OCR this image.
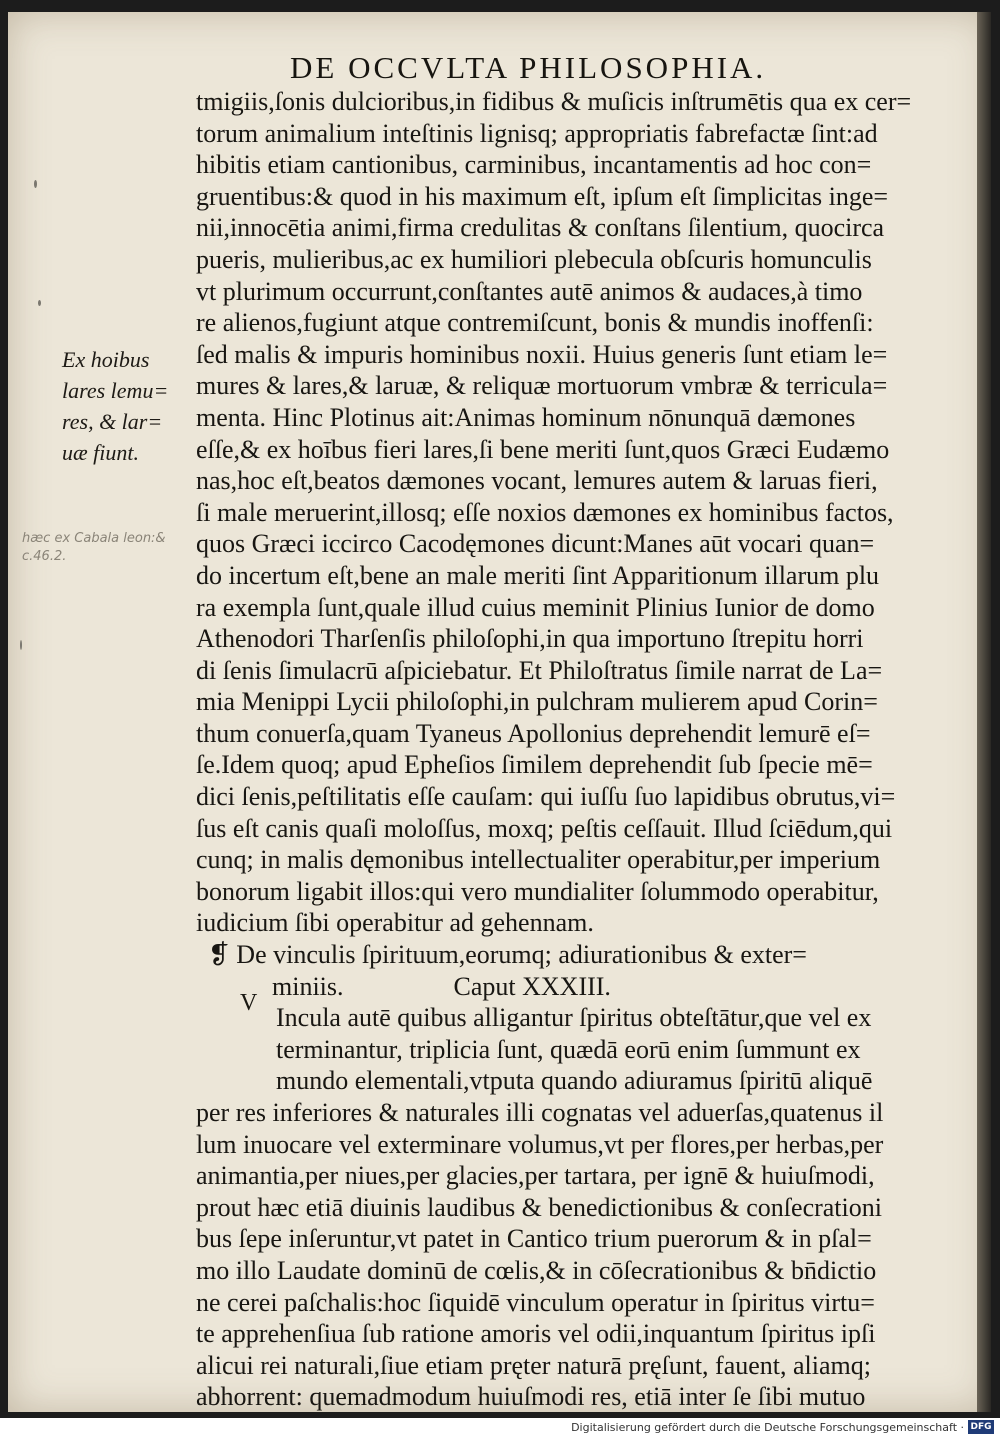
DE OCCVLTA PHILOSOPHIA.
Ex hoibus
lares lemu=
res, & lar=
uæ fiunt.
hæc ex Cabala leon:&
c.46.2.
tmigiis,ſonis dulcioribus,in fidibus & muſicis inſtrumētis qua ex cer=
torum animalium inteſtinis lignisq; appropriatis fabrefactæ ſint:ad
hibitis etiam cantionibus, carminibus, incantamentis ad hoc con=
gruentibus:& quod in his maximum eſt, ipſum eſt ſimplicitas inge=
nii,innocētia animi,firma credulitas & conſtans ſilentium, quocirca
pueris, mulieribus,ac ex humiliori plebecula obſcuris homunculis
vt plurimum occurrunt,conſtantes autē animos & audaces,à timo
re alienos,fugiunt atque contremiſcunt, bonis & mundis inoffenſi:
ſed malis & impuris hominibus noxii. Huius generis ſunt etiam le=
mures & lares,& laruæ, & reliquæ mortuorum vmbræ & terricula=
menta. Hinc Plotinus ait:Animas hominum nōnunquā dæmones
eſſe,& ex hoībus fieri lares,ſi bene meriti ſunt,quos Græci Eudæmo
nas,hoc eſt,beatos dæmones vocant, lemures autem & laruas fieri,
ſi male meruerint,illosq; eſſe noxios dæmones ex hominibus factos,
quos Græci iccirco Cacodęmones dicunt:Manes aūt vocari quan=
do incertum eſt,bene an male meriti ſint Apparitionum illarum plu
ra exempla ſunt,quale illud cuius meminit Plinius Iunior de domo
Athenodori Tharſenſis philoſophi,in qua importuno ſtrepitu horri
di ſenis ſimulacrū aſpiciebatur. Et Philoſtratus ſimile narrat de La=
mia Menippi Lycii philoſophi,in pulchram mulierem apud Corin=
thum conuerſa,quam Tyaneus Apollonius deprehendit lemurē eſ=
ſe.Idem quoq; apud Epheſios ſimilem deprehendit ſub ſpecie mē=
dici ſenis,peſtilitatis eſſe cauſam: qui iuſſu ſuo lapidibus obrutus,vi=
ſus eſt canis quaſi moloſſus, moxq; peſtis ceſſauit. Illud ſciēdum,qui
cunq; in malis dęmonibus intellectualiter operabitur,per imperium
bonorum ligabit illos:qui vero mundialiter ſolummodo operabitur,
iudicium ſibi operabitur ad gehennam.
❡ De vinculis ſpirituum,eorumq; adiurationibus & exter=
miniis.	Caput XXXIII.
Incula autē quibus alligantur ſpiritus obteſtātur,que vel ex
terminantur, triplicia ſunt, quædā eorū enim ſummunt ex
mundo elementali,vtputa quando adiuramus ſpiritū aliquē
per res inferiores & naturales illi cognatas vel aduerſas,quatenus il
lum inuocare vel exterminare volumus,vt per flores,per herbas,per
animantia,per niues,per glacies,per tartara, per ignē & huiuſmodi,
prout hæc etiā diuinis laudibus & benedictionibus & conſecrationi
bus ſepe inſeruntur,vt patet in Cantico trium puerorum & in pſal=
mo illo Laudate dominū de cœlis,& in cōſecrationibus & bn̄dictio
ne cerei paſchalis:hoc ſiquidē vinculum operatur in ſpiritus virtu=
te apprehenſiua ſub ratione amoris vel odii,inquantum ſpiritus ipſi
alicui rei naturali,ſiue etiam pręter naturā pręſunt, fauent, aliamq;
abhorrent: quemadmodum huiuſmodi res, etiā inter ſe ſibi mutuo
V
Digitalisierung gefördert durch die Deutsche Forschungsgemeinschaft · DFG
